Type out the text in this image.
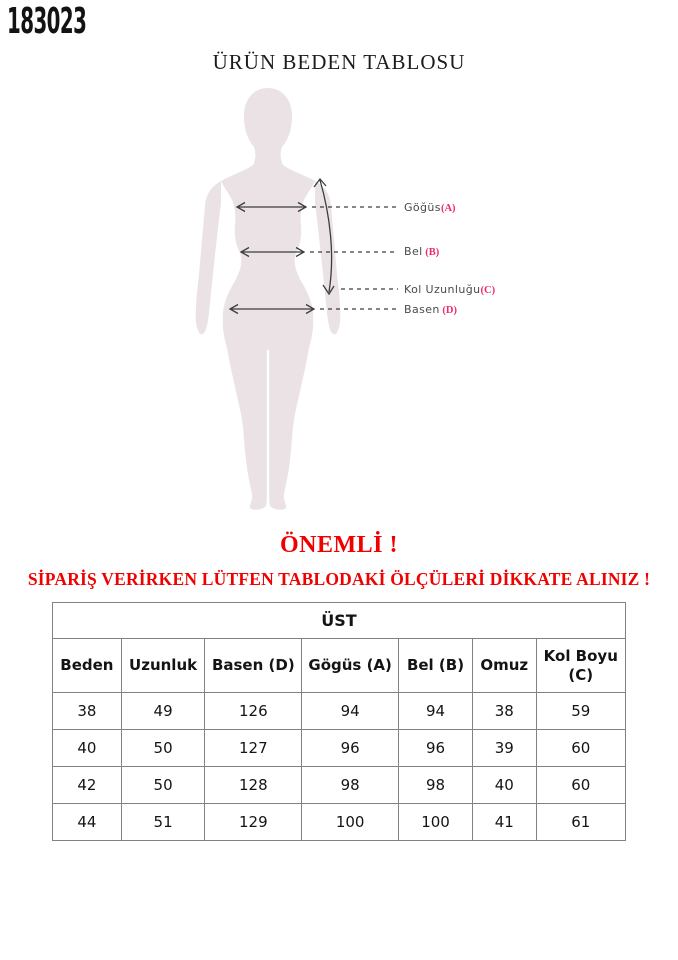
183023
ÜRÜN BEDEN TABLOSU
Göğüs(A)
Bel (B)
Kol Uzunluğu(C)
Basen (D)
ÖNEMLİ !
SİPARİŞ VERİRKEN LÜTFEN TABLODAKİ ÖLÇÜLERİ DİKKATE ALINIZ !
ÜST						
Beden	Uzunluk	Basen (D)	Gögüs (A)	Bel (B)	Omuz	Kol Boyu (C)
38	49	126	94	94	38	59
40	50	127	96	96	39	60
42	50	128	98	98	40	60
44	51	129	100	100	41	61
